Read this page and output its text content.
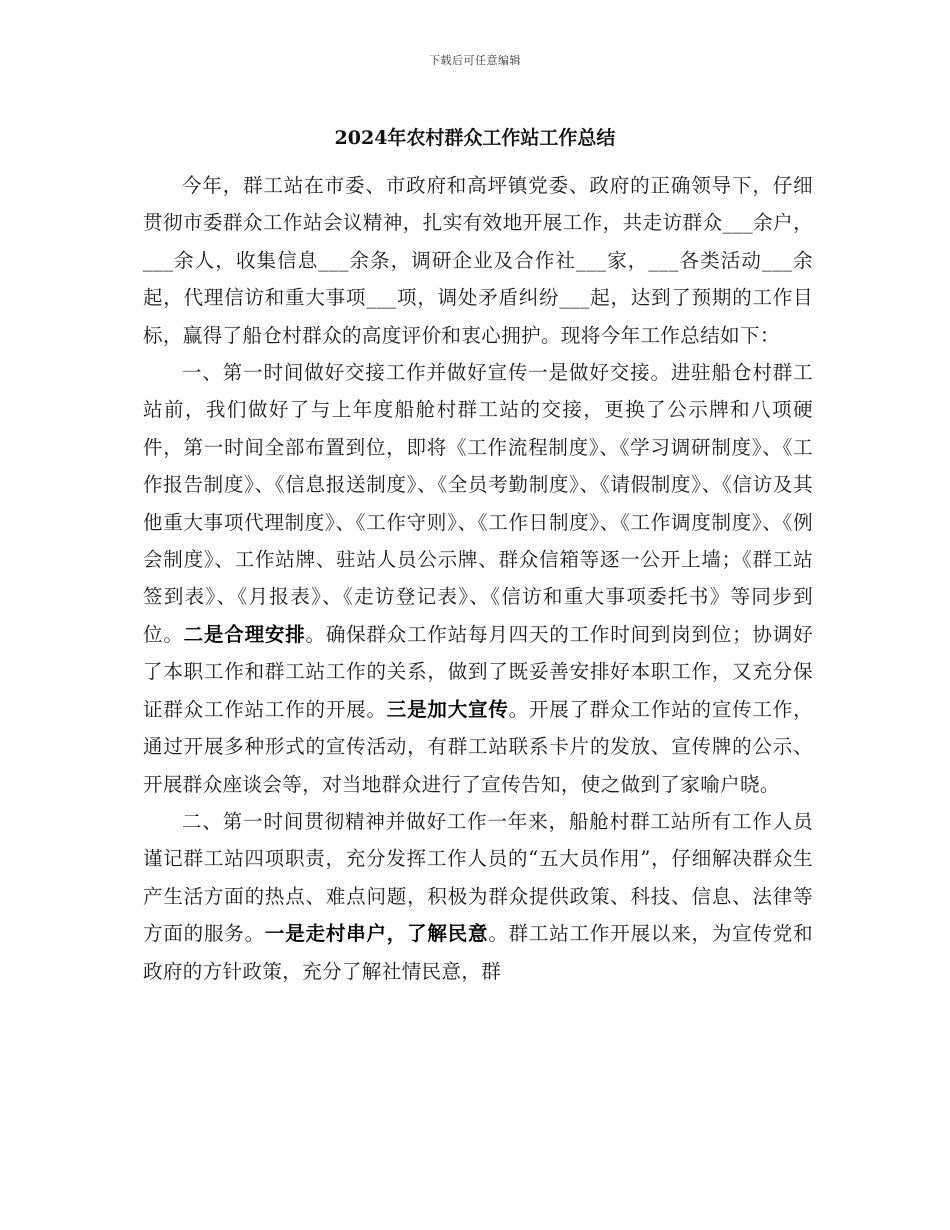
下载后可任意编辑
2024年农村群众工作站工作总结

今年，群工站在市委、市政府和高坪镇党委、政府的正确领导下，仔细贯彻市委群众工作站会议精神，扎实有效地开展工作，共走访群众___余户，___余人，收集信息___余条，调研企业及合作社___家，___各类活动___余起，代理信访和重大事项___项，调处矛盾纠纷___起，达到了预期的工作目标，赢得了船仓村群众的高度评价和衷心拥护。现将今年工作总结如下：

一、第一时间做好交接工作并做好宣传一是做好交接。进驻船仓村群工站前，我们做好了与上年度船舱村群工站的交接，更换了公示牌和八项硬件，第一时间全部布置到位，即将《工作流程制度》、《学习调研制度》、《工作报告制度》、《信息报送制度》、《全员考勤制度》、《请假制度》、《信访及其他重大事项代理制度》、《工作守则》、《工作日制度》、《工作调度制度》、《例会制度》、工作站牌、驻站人员公示牌、群众信箱等逐一公开上墙；《群工站签到表》、《月报表》、《走访登记表》、《信访和重大事项委托书》等同步到位。二是合理安排。确保群众工作站每月四天的工作时间到岗到位；协调好了本职工作和群工站工作的关系，做到了既妥善安排好本职工作，又充分保证群众工作站工作的开展。三是加大宣传。开展了群众工作站的宣传工作，通过开展多种形式的宣传活动，有群工站联系卡片的发放、宣传牌的公示、开展群众座谈会等，对当地群众进行了宣传告知，使之做到了家喻户晓。

二、第一时间贯彻精神并做好工作一年来，船舱村群工站所有工作人员谨记群工站四项职责，充分发挥工作人员的“五大员作用”，仔细解决群众生产生活方面的热点、难点问题，积极为群众提供政策、科技、信息、法律等方面的服务。一是走村串户，了解民意。群工站工作开展以来，为宣传党和政府的方针政策，充分了解社情民意，群
